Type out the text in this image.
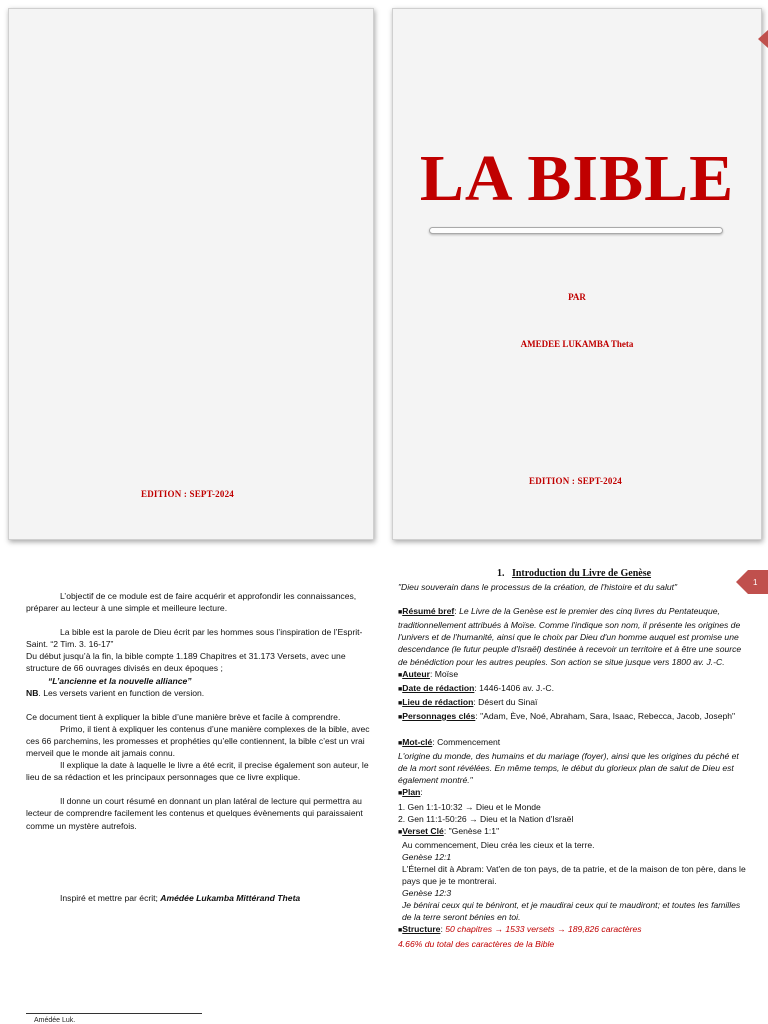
EDITION : SEPT-2024
LA BIBLE
PAR
AMEDEE LUKAMBA Theta
EDITION : SEPT-2024

L’objectif de ce module est de faire acquérir et approfondir les connaissances, préparer au lecteur à une simple et meilleure lecture.

La bible est la parole de Dieu écrit par les hommes sous l’inspiration de l’Esprit-Saint. “2 Tim. 3. 16-17”

Du début jusqu’à la fin, la bible compte 1.189 Chapitres et 31.173 Versets, avec une structure de 66 ouvrages divisés en deux époques ;

“L’ancienne et la nouvelle alliance”

NB. Les versets varient en function de version.

Ce document tient à expliquer la bible d’une manière brève et facile à comprendre.

Primo, il tient à expliquer les contenus d’une manière complexes de la bible, avec ces 66 parchemins, les promesses et prophéties qu’elle contiennent, la bible c’est un vrai merveil que le monde ait jamais connu.

Il explique la date à laquelle le livre a été ecrit, il precise également son auteur, le lieu de sa rédaction et les principaux personnages que ce livre explique.

Il donne un court résumé en donnant un plan latéral de lecture qui permettra au lecteur de comprendre facilement les contenus et quelques évènements qui paraissaient comme un mystère autrefois.

Inspiré et mettre par écrit; Amédée Lukamba Mittérand Theta

Amédée Luk.
1. Introduction du Livre de Genèse

"Dieu souverain dans le processus de la création, de l'histoire et du salut"

■Résumé bref: Le Livre de la Genèse est le premier des cinq livres du Pentateuque, traditionnellement attribués à Moïse. Comme l'indique son nom, il présente les origines de l'univers et de l'humanité, ainsi que le choix par Dieu d'un homme auquel est promise une descendance (le futur peuple d'Israël) destinée à recevoir un territoire et à être une source de bénédiction pour les autres peuples. Son action se situe jusque vers 1800 av. J.-C.

■Auteur: Moïse

■Date de rédaction: 1446-1406 av. J.-C.

■Lieu de rédaction: Désert du Sinaï

■Personnages clés: "Adam, Ève, Noé, Abraham, Sara, Isaac, Rebecca, Jacob, Joseph"

■Mot-clé: Commencement

L'origine du monde, des humains et du mariage (foyer), ainsi que les origines du péché et de la mort sont révélées. En même temps, le début du glorieux plan de salut de Dieu est également montré."

■Plan:

1. Gen 1:1-10:32 → Dieu et le Monde

2. Gen 11:1-50:26 → Dieu et la Nation d'Israël

■Verset Clé: "Genèse 1:1"

Au commencement, Dieu créa les cieux et la terre.

Genèse 12:1

L'Éternel dit à Abram: Vat'en de ton pays, de ta patrie, et de la maison de ton père, dans le pays que je te montrerai.

Genèse 12:3

Je bénirai ceux qui te béniront, et je maudirai ceux qui te maudiront; et toutes les familles de la terre seront bénies en toi.

■Structure: 50 chapitres → 1533 versets → 189,826 caractères

4.66% du total des caractères de la Bible

1
